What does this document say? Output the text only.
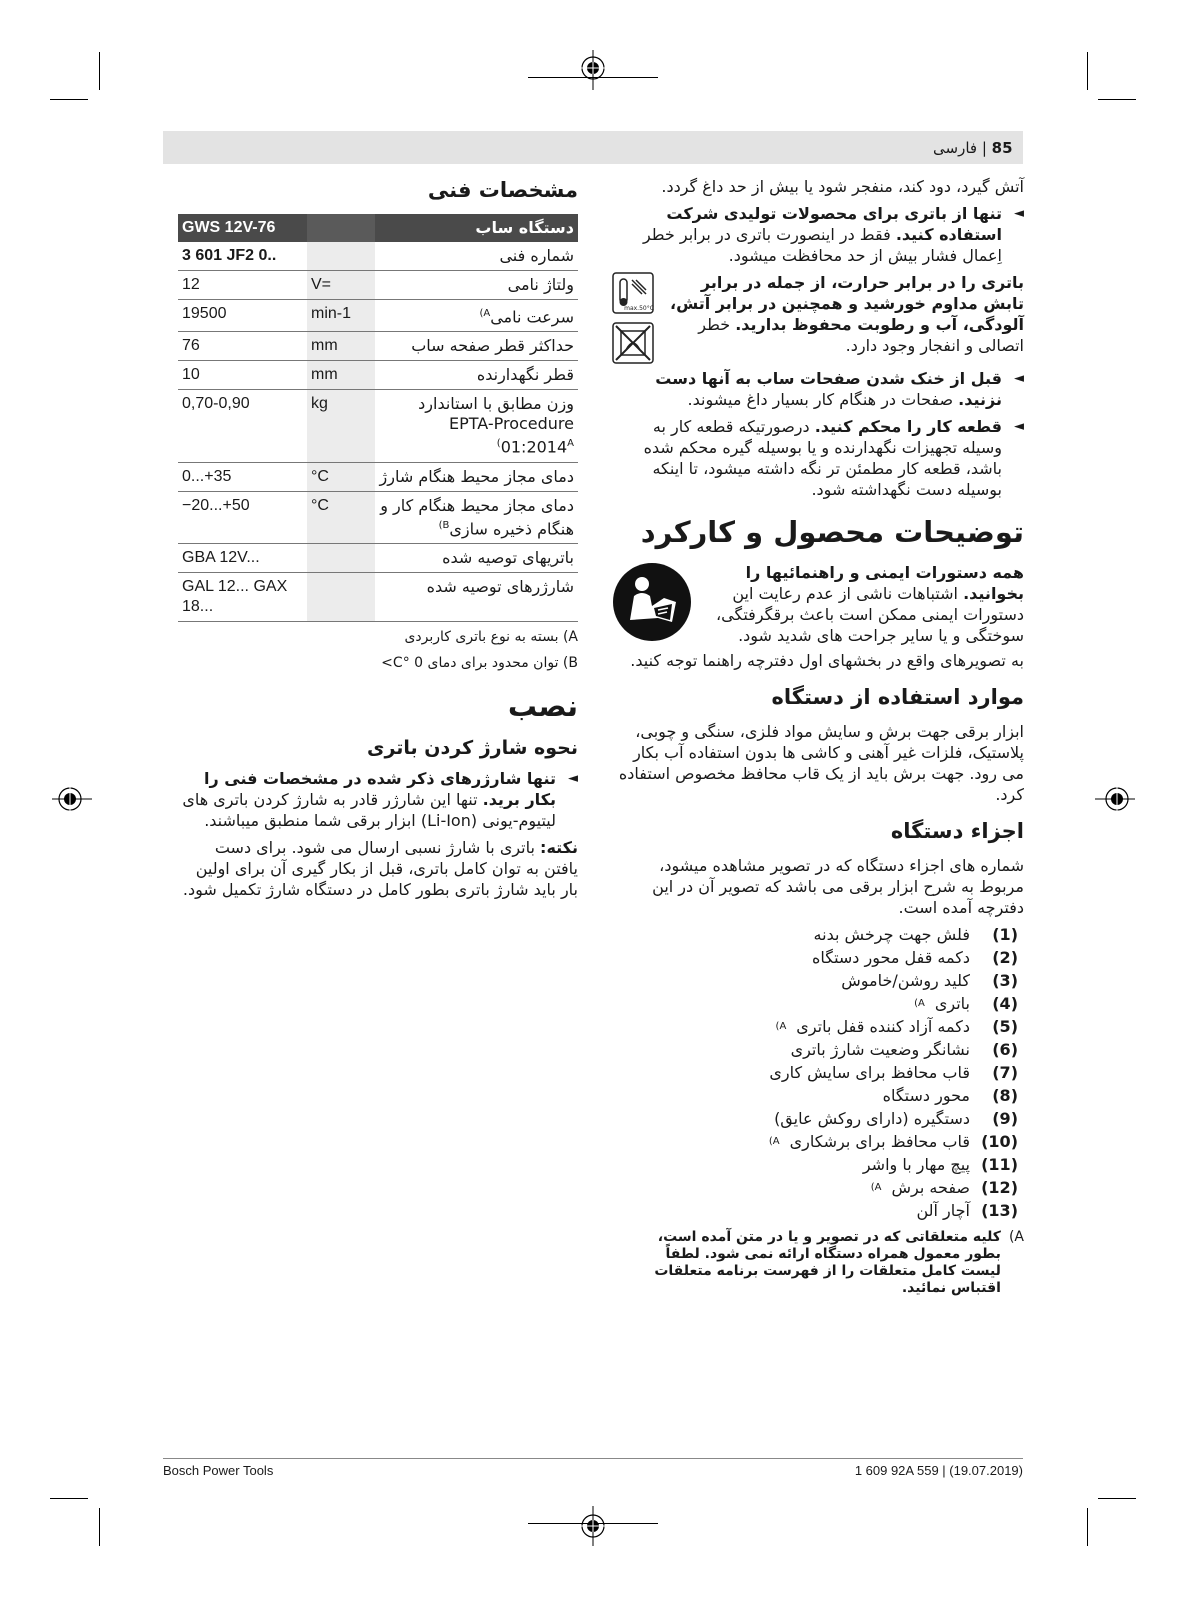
85 | فارسی

آتش گیرد، دود کند، منفجر شود یا بیش از حد داغ گردد.

◄ تنها از باتری برای محصولات تولیدی شرکت استفاده کنید. فقط در اینصورت باتری در برابر خطر اِعمال فشار بیش از حد محافظت میشود.
باتری را در برابر حرارت، از جمله در برابر تابش مداوم خورشید و همچنین در برابر آتش، آلودگی، آب و رطوبت محفوظ بدارید. خطر اتصالی و انفجار وجود دارد.
max.50°C
◄ قبل از خنک شدن صفحات ساب به آنها دست نزنید. صفحات در هنگام کار بسیار داغ میشوند.
◄ قطعه کار را محکم کنید. درصورتیکه قطعه کار به وسیله تجهیزات نگهدارنده و یا بوسیله گیره محکم شده باشد، قطعه کار مطمئن تر نگه داشته میشود، تا اینکه بوسیله دست نگهداشته شود.
توضیحات محصول و کارکرد
همه دستورات ایمنی و راهنمائیها را بخوانید. اشتباهات ناشی از عدم رعایت این دستورات ایمنی ممکن است باعث برقگرفتگی، سوختگی و یا سایر جراحت های شدید شود.

به تصویرهای واقع در بخشهای اول دفترچه راهنما توجه کنید.

موارد استفاده از دستگاه

ابزار برقی جهت برش و سایش مواد فلزی، سنگی و چوبی، پلاستیک، فلزات غیر آهنی و کاشی ها بدون استفاده آب بکار می رود. جهت برش باید از یک قاب محافظ مخصوص استفاده کرد.

اجزاء دستگاه

شماره های اجزاء دستگاه که در تصویر مشاهده میشود، مربوط به شرح ابزار برقی می باشد که تصویر آن در این دفترچه آمده است.

(1)
فلش جهت چرخش بدنه
(2)
دکمه قفل محور دستگاه
(3)
کلید روشن/خاموش
(4)
باتری
A)
(5)
دکمه آزاد کننده قفل باتری
A)
(6)
نشانگر وضعیت شارژ باتری
(7)
قاب محافظ برای سایش کاری
(8)
محور دستگاه
(9)
دستگیره (دارای روکش عایق)
(10)
قاب محافظ برای برشکاری
A)
(11)
پیچ مهار با واشر
(12)
صفحه برش
A)
(13)
آچار آلن
A)
کلیه متعلقاتی که در تصویر و یا در متن آمده است، بطور معمول همراه دستگاه ارائه نمی شود. لطفاً لیست کامل متعلقات را از فهرست برنامه متعلقات اقتباس نمائید.
مشخصات فنی
دستگاه ساب		GWS 12V-76
شماره فنی		3 601 JF2 0..
ولتاژ نامی	V=	12
سرعت نامی$^{A)}$	min-1	19500
حداکثر قطر صفحه ساب	mm	76
قطر نگهدارنده	mm	10
وزن مطابق با استاندارد EPTA-Procedure $01:2014^{A)}$	kg	0,70-0,90
دمای مجاز محیط هنگام شارژ	°C	0...+35
دمای مجاز محیط هنگام کار و هنگام ذخیره سازی$^{B)}$	°C	−20...+50
باتریهای توصیه شده		GBA 12V...
شارژرهای توصیه شده		GAL 12... GAX 18...
A) بسته به نوع باتری کاربردی
B) توان محدود برای دمای 0 °C>
نصب
نحوه شارژ کردن باتری
◄ تنها شارژرهای ذکر شده در مشخصات فنی را بکار برید. تنها این شارژر قادر به شارژ کردن باتری های لیتیوم-یونی (Li-Ion) ابزار برقی شما منطبق میباشند.

نکته: باتری با شارژ نسبی ارسال می شود. برای دست یافتن به توان کامل باتری، قبل از بکار گیری آن برای اولین بار باید شارژ باتری بطور کامل در دستگاه شارژ تکمیل شود.

Bosch Power Tools	1 609 92A 559 | (19.07.2019)
